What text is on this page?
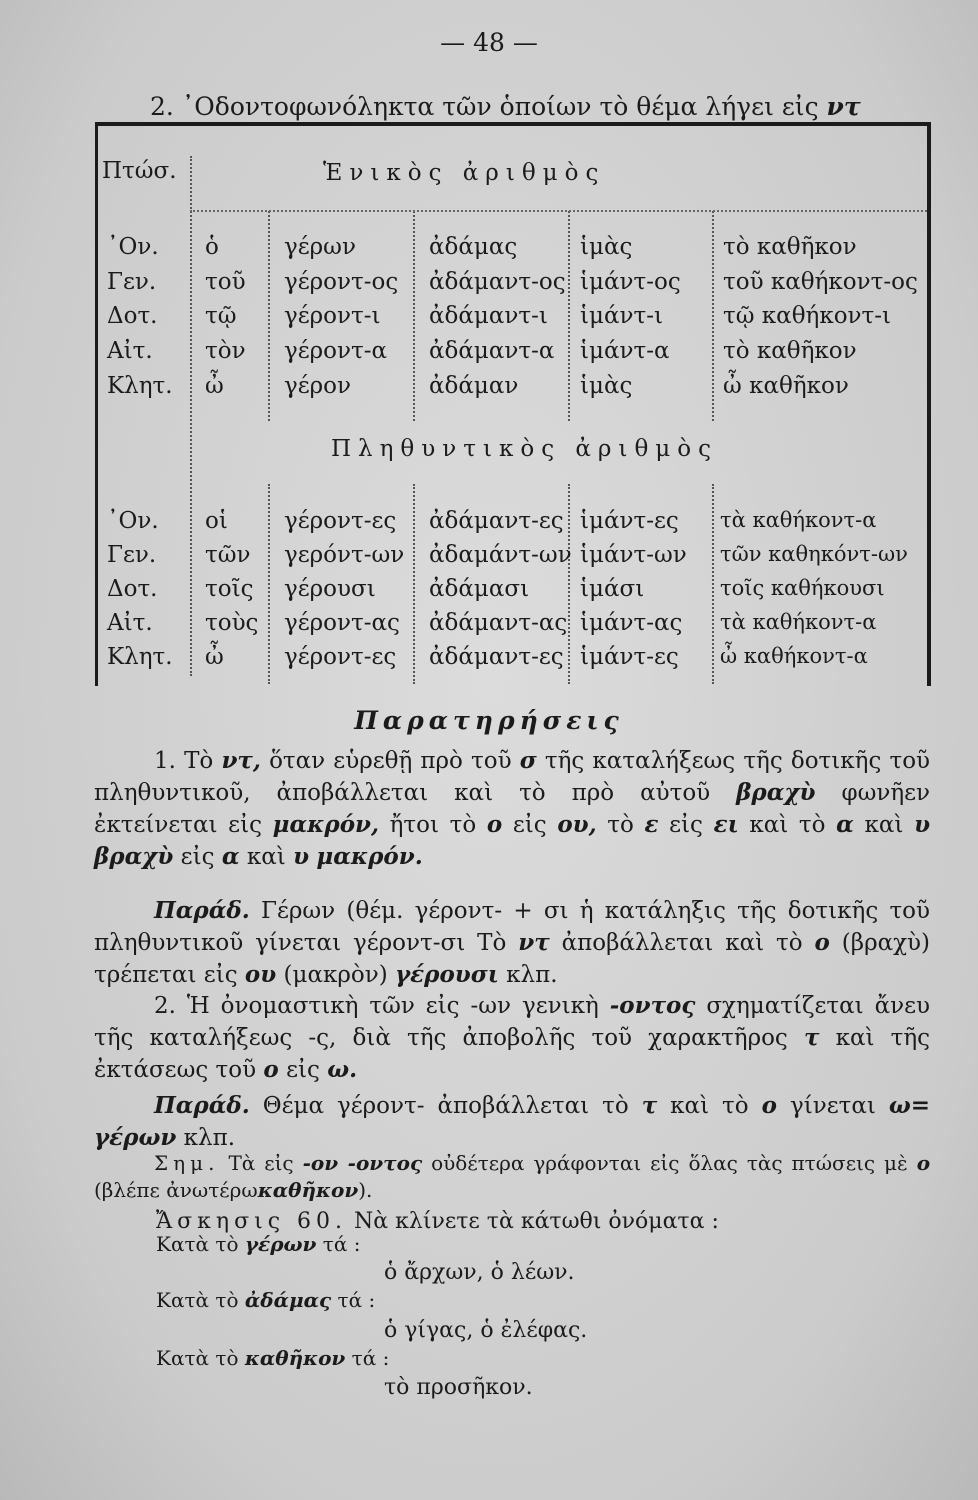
— 48 —
2. ᾿Οδοντοφωνόληκτα τῶν ὁποίων τὸ θέμα λήγει εἰς ντ
Πτώσ.	Ἑνικὸς ἀριθμὸς
Πληθυντικὸς ἀριθμὸς
᾿Ον.
Γεν.
Δοτ.
Αἰτ.
Κλητ.
ὁ
τοῦ
τῷ
τὸν
ὦ
γέρων
γέροντ-ος
γέροντ-ι
γέροντ-α
γέρον
ἀδάμας
ἀδάμαντ-ος
ἀδάμαντ-ι
ἀδάμαντ-α
ἀδάμαν
ἱμὰς
ἱμάντ-ος
ἱμάντ-ι
ἱμάντ-α
ἱμὰς
τὸ καθῆκον
τοῦ καθήκοντ-ος
τῷ καθήκοντ-ι
τὸ καθῆκον
ὦ καθῆκον
᾿Ον.
Γεν.
Δοτ.
Αἰτ.
Κλητ.
οἱ
τῶν
τοῖς
τοὺς
ὦ
γέροντ-ες
γερόντ-ων
γέρουσι
γέροντ-ας
γέροντ-ες
ἀδάμαντ-ες
ἀδαμάντ-ων
ἀδάμασι
ἀδάμαντ-ας
ἀδάμαντ-ες
ἱμάντ-ες
ἱμάντ-ων
ἱμάσι
ἱμάντ-ας
ἱμάντ-ες
τὰ καθήκοντ-α
τῶν καθηκόντ-ων
τοῖς καθήκουσι
τὰ καθήκοντ-α
ὦ καθήκοντ-α
Παρατηρήσεις
1. Τὸ ντ, ὅταν εὑρεθῇ πρὸ τοῦ σ τῆς καταλήξεως τῆς δοτικῆς τοῦ πληθυντικοῦ, ἀποβάλλεται καὶ τὸ πρὸ αὐτοῦ βραχὺ φωνῆεν ἐκτείνεται εἰς μακρόν, ἤτοι τὸ ο εἰς ου, τὸ ε εἰς ει καὶ τὸ α καὶ υ βραχὺ εἰς α καὶ υ μακρόν.
Παράδ. Γέρων (θέμ. γέροντ- + σι ἡ κατάληξις τῆς δοτικῆς τοῦ πληθυντικοῦ γίνεται γέροντ-σι Τὸ ντ ἀποβάλλεται καὶ τὸ ο (βραχὺ) τρέπεται εἰς ου (μακρὸν) γέρουσι κλπ.
2. Ἡ ὀνομαστικὴ τῶν εἰς -ων γενικὴ -οντος σχηματίζεται ἄνευ τῆς καταλήξεως -ς, διὰ τῆς ἀποβολῆς τοῦ χαρακτῆρος τ καὶ τῆς ἐκτάσεως τοῦ ο εἰς ω.
Παράδ. Θέμα γέροντ- ἀποβάλλεται τὸ τ καὶ τὸ ο γίνεται ω= γέρων κλπ.
Σημ. Τὰ εἰς -ον -οντος οὐδέτερα γράφονται εἰς ὅλας τὰς πτώσεις μὲ ο (βλέπε ἀνωτέρωκαθῆκον).
Ἄσκησις 60. Νὰ κλίνετε τὰ κάτωθι ὀνόματα :
Κατὰ τὸ γέρων τά :
ὁ ἄρχων, ὁ λέων.
Κατὰ τὸ ἀδάμας τά :
ὁ γίγας, ὁ ἐλέφας.
Κατὰ τὸ καθῆκον τά :
τὸ προσῆκον.
